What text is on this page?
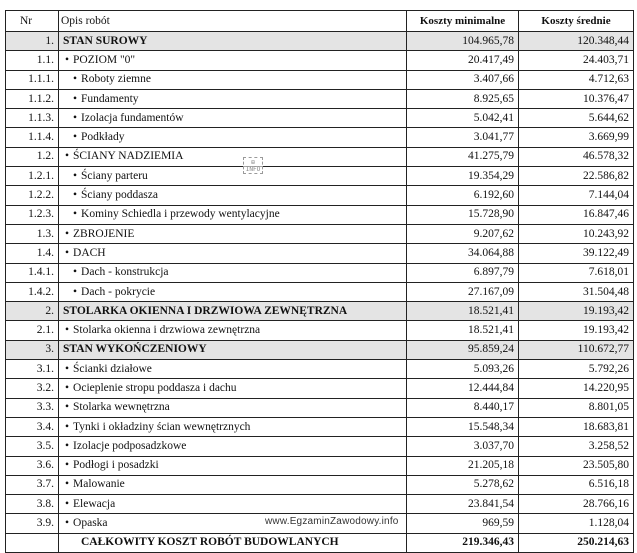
Nr	Opis robót	Koszty minimalne	Koszty średnie
1.	STAN SUROWY	104.965,78	120.348,44
1.1.	• POZIOM "0"	20.417,49	24.403,71
1.1.1.	• Roboty ziemne	3.407,66	4.712,63
1.1.2.	• Fundamenty	8.925,65	10.376,47
1.1.3.	• Izolacja fundamentów	5.042,41	5.644,62
1.1.4.	• Podkłady	3.041,77	3.669,99
1.2.	• ŚCIANY NADZIEMIA	41.275,79	46.578,32
1.2.1.	• Ściany parteru	19.354,29	22.586,82
1.2.2.	• Ściany poddasza	6.192,60	7.144,04
1.2.3.	• Kominy Schiedla i przewody wentylacyjne	15.728,90	16.847,46
1.3.	• ZBROJENIE	9.207,62	10.243,92
1.4.	• DACH	34.064,88	39.122,49
1.4.1.	• Dach - konstrukcja	6.897,79	7.618,01
1.4.2.	• Dach - pokrycie	27.167,09	31.504,48
2.	STOLARKA OKIENNA I DRZWIOWA ZEWNĘTRZNA	18.521,41	19.193,42
2.1.	• Stolarka okienna i drzwiowa zewnętrzna	18.521,41	19.193,42
3.	STAN WYKOŃCZENIOWY	95.859,24	110.672,77
3.1.	• Ścianki działowe	5.093,26	5.792,26
3.2.	• Ocieplenie stropu poddasza i dachu	12.444,84	14.220,95
3.3.	• Stolarka wewnętrzna	8.440,17	8.801,05
3.4.	• Tynki i okładziny ścian wewnętrznych	15.548,34	18.683,81
3.5.	• Izolacje podposadzkowe	3.037,70	3.258,52
3.6.	• Podłogi i posadzki	21.205,18	23.505,80
3.7.	• Malowanie	5.278,62	6.516,18
3.8.	• Elewacja	23.841,54	28.766,16
3.9.	• Opaska	969,59	1.128,04
	CAŁKOWITY KOSZT ROBÓT BUDOWLANYCH	219.346,43	250.214,63
⊞
INFO
www.EgzaminZawodowy.info
